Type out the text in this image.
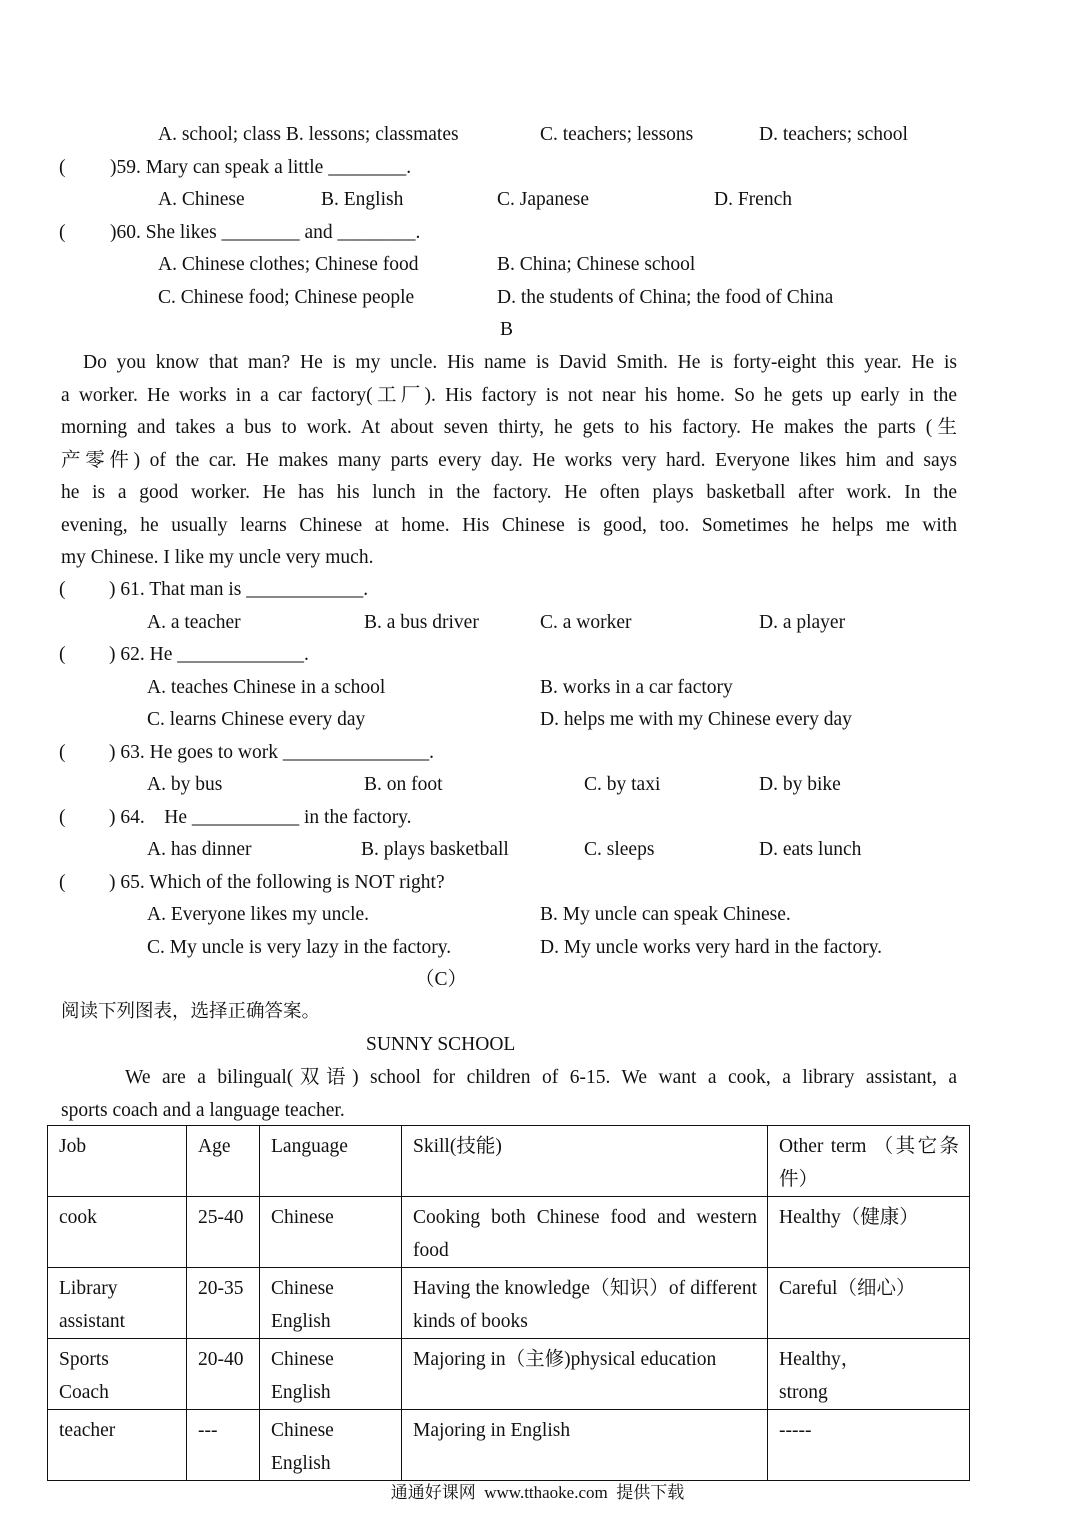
A. school; class B. lessons; classmates	C. teachers; lessons	D. teachers; school
( )59. Mary can speak a little ________.
A. Chinese	B. English	C. Japanese	D. French
( )60. She likes ________ and ________.
A. Chinese clothes; Chinese food	B. China; Chinese school
C. Chinese food; Chinese people	D. the students of China; the food of China
B
Do you know that man? He is my uncle. His name is David Smith. He is forty-eight this year. He is
a worker. He works in a car factory(工厂). His factory is not near his home. So he gets up early in the
morning and takes a bus to work. At about seven thirty, he gets to his factory. He makes the parts (生
产零件) of the car. He makes many parts every day. He works very hard. Everyone likes him and says
he is a good worker. He has his lunch in the factory. He often plays basketball after work. In the
evening, he usually learns Chinese at home. His Chinese is good, too. Sometimes he helps me with
my Chinese. I like my uncle very much.
( ) 61. That man is ____________.
A. a teacher	B. a bus driver	C. a worker	D. a player
( ) 62. He _____________.
A. teaches Chinese in a school	B. works in a car factory
C. learns Chinese every day	D. helps me with my Chinese every day
( ) 63. He goes to work _______________.
A. by bus	B. on foot	C. by taxi	D. by bike
( ) 64.    He ___________ in the factory.
A. has dinner	B. plays basketball	C. sleeps	D. eats lunch
( ) 65. Which of the following is NOT right?
A. Everyone likes my uncle.	B. My uncle can speak Chinese.
C. My uncle is very lazy in the factory.	D. My uncle works very hard in the factory.
（C）
阅读下列图表，选择正确答案。
SUNNY SCHOOL
We are a bilingual(双语) school for children of 6-15. We want a cook, a library assistant, a
sports coach and a language teacher.
Job	Age	Language	Skill(技能)	Other term （其它条件）
cook	25-40	Chinese	Cooking both Chinese food and western food	Healthy（健康）
Library assistant	20-35	Chinese English	Having the knowledge（知识）of different kinds of books	Careful（细心）
Sports Coach	20-40	Chinese English	Majoring in（主修)physical education	Healthy，strong
teacher	---	Chinese English	Majoring in English	-----
通通好课网  www.tthaoke.com  提供下载
